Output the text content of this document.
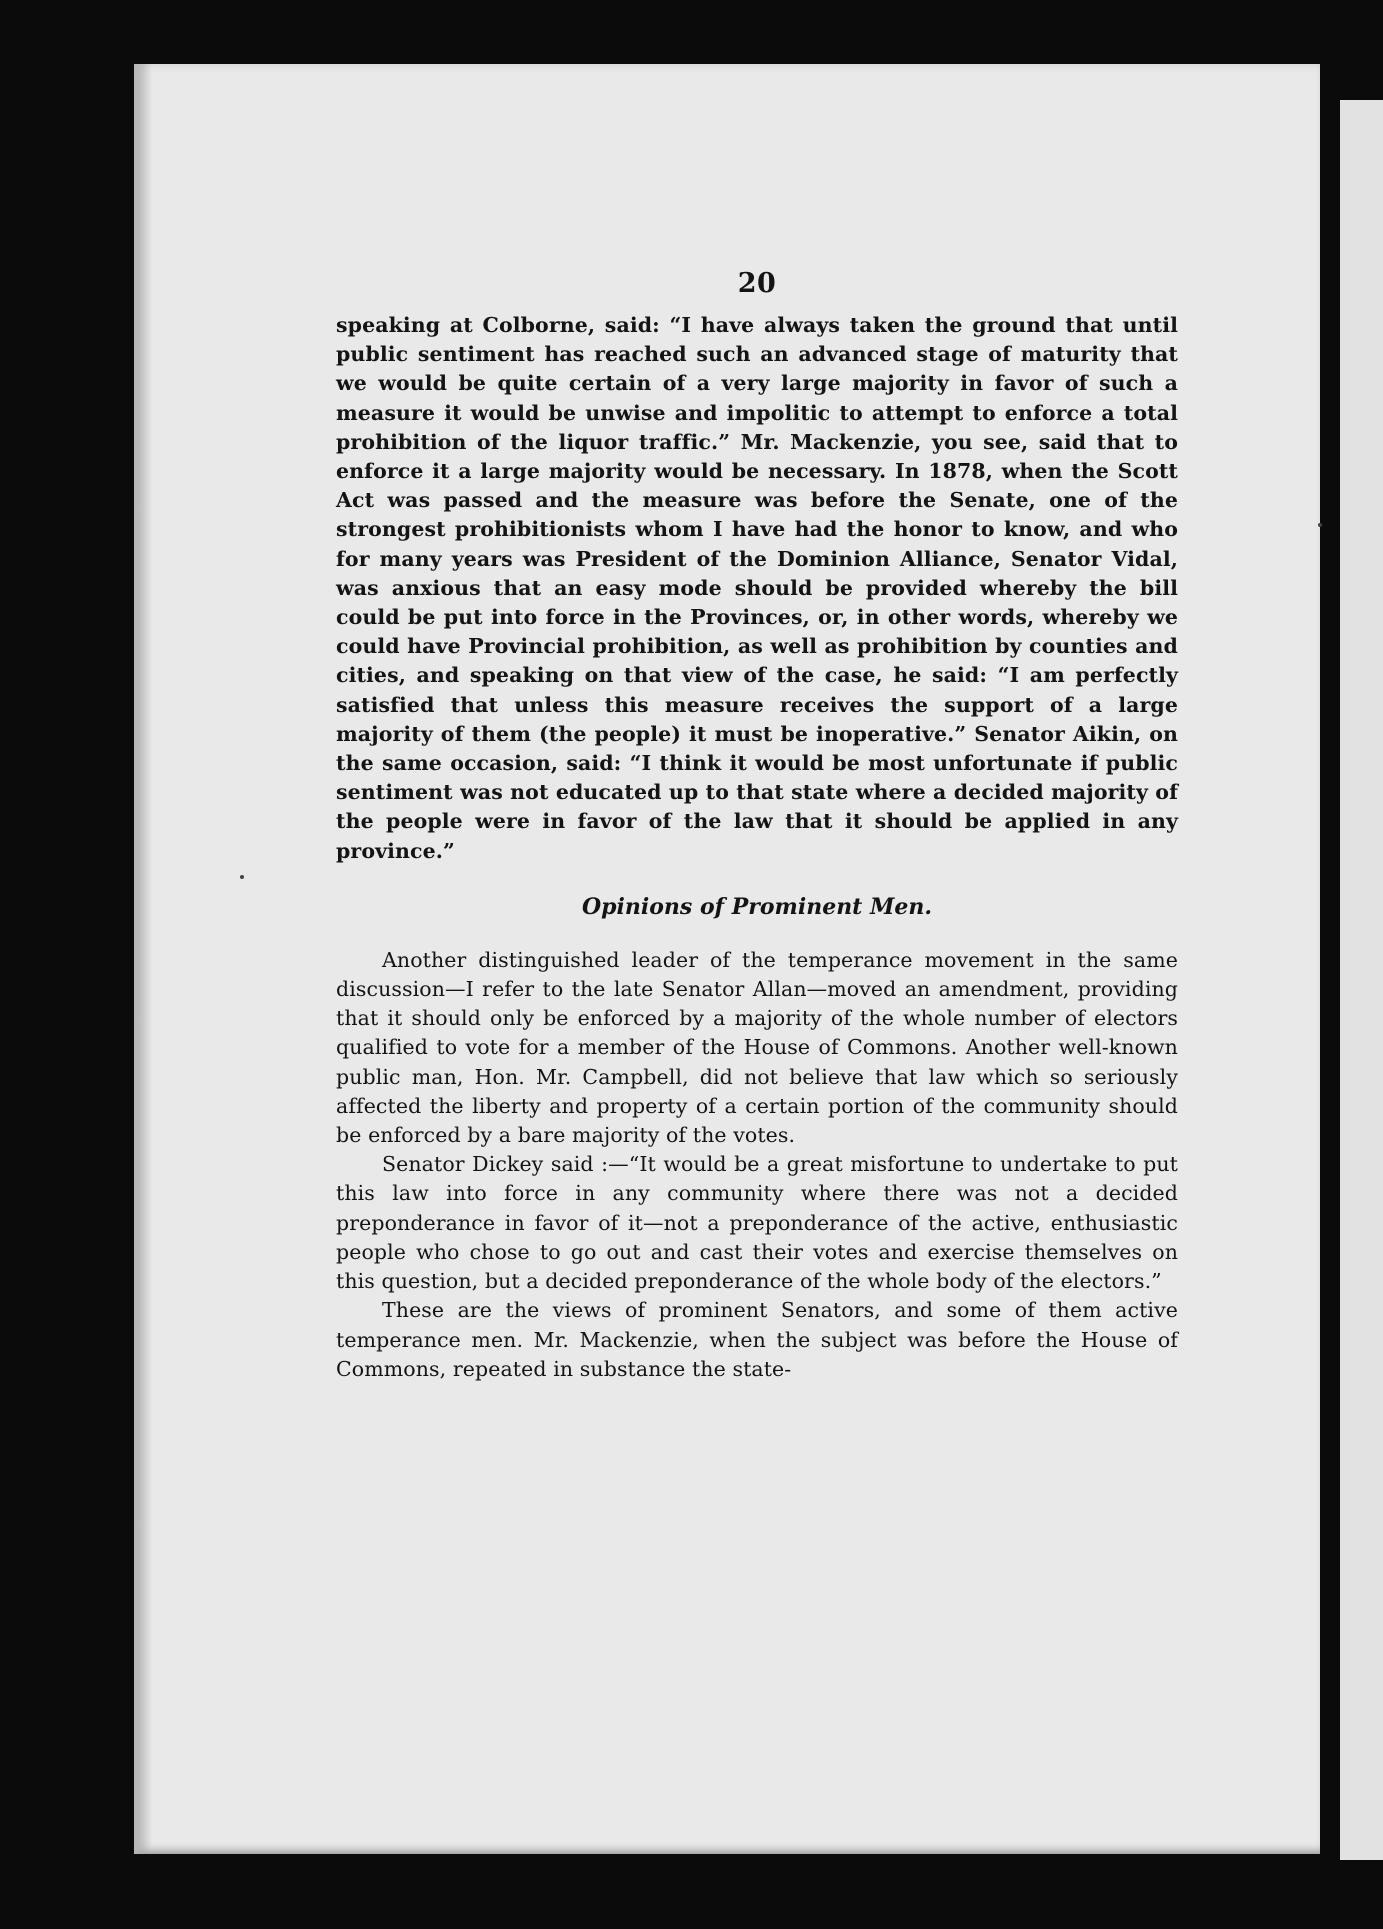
20

speaking at Colborne, said: “I have always taken the ground that until public sentiment has reached such an advanced stage of maturity that we would be quite certain of a very large majority in favor of such a measure it would be unwise and impolitic to attempt to enforce a total prohibition of the liquor traffic.” Mr. Mackenzie, you see, said that to enforce it a large majority would be necessary. In 1878, when the Scott Act was passed and the measure was before the Senate, one of the strongest prohibitionists whom I have had the honor to know, and who for many years was President of the Dominion Alliance, Senator Vidal, was anxious that an easy mode should be provided whereby the bill could be put into force in the Provinces, or, in other words, whereby we could have Provincial prohibition, as well as prohibition by counties and cities, and speaking on that view of the case, he said: “I am perfectly satisfied that unless this measure receives the support of a large majority of them (the people) it must be inoperative.” Senator Aikin, on the same occasion, said: “I think it would be most unfortunate if public sentiment was not educated up to that state where a decided majority of the people were in favor of the law that it should be applied in any province.”

Opinions of Prominent Men.

Another distinguished leader of the temperance movement in the same discussion—I refer to the late Senator Allan—moved an amendment, providing that it should only be enforced by a majority of the whole number of electors qualified to vote for a member of the House of Commons. Another well-known public man, Hon. Mr. Campbell, did not believe that law which so seriously affected the liberty and property of a certain portion of the community should be enforced by a bare majority of the votes.

Senator Dickey said :—“It would be a great misfortune to undertake to put this law into force in any community where there was not a decided preponderance in favor of it—not a preponderance of the active, enthusiastic people who chose to go out and cast their votes and exercise themselves on this question, but a decided preponderance of the whole body of the electors.”

These are the views of prominent Senators, and some of them active temperance men. Mr. Mackenzie, when the subject was before the House of Commons, repeated in substance the state-
